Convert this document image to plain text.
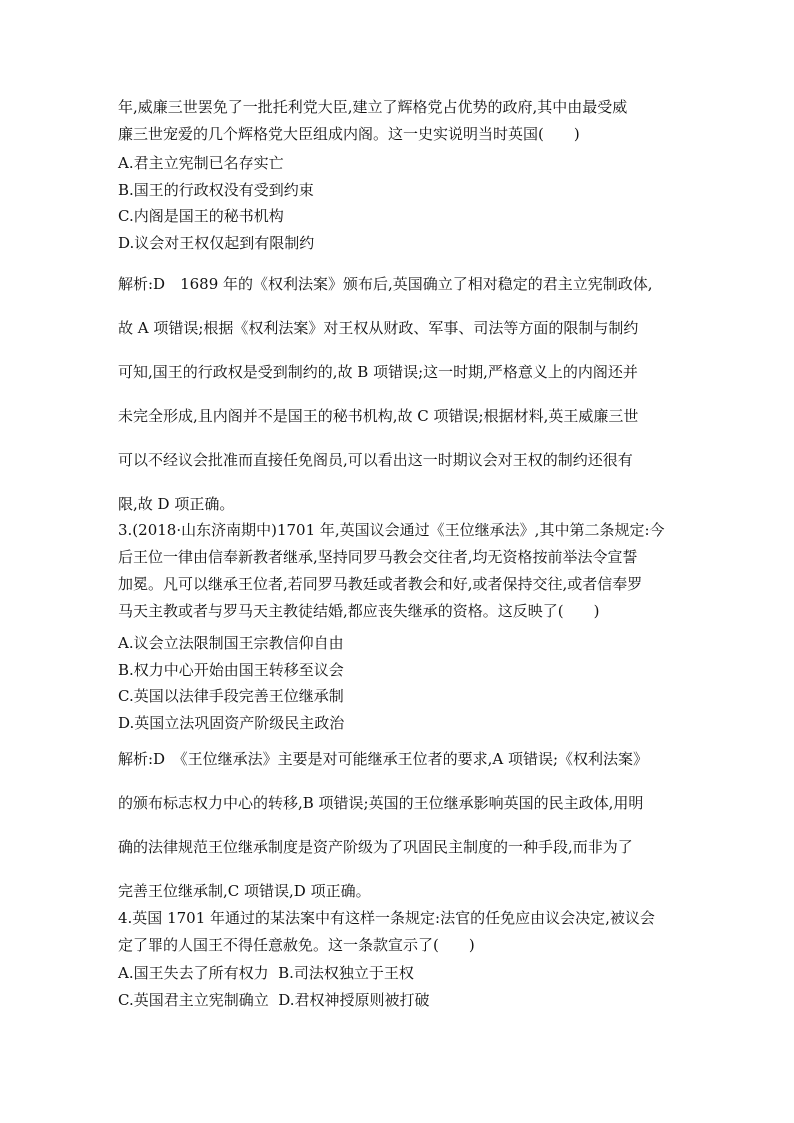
年,威廉三世罢免了一批托利党大臣,建立了辉格党占优势的政府,其中由最受威

廉三世宠爱的几个辉格党大臣组成内阁。这一史实说明当时英国(　　)

A.君主立宪制已名存实亡

B.国王的行政权没有受到约束

C.内阁是国王的秘书机构

D.议会对王权仅起到有限制约

解析:D　1689 年的《权利法案》颁布后,英国确立了相对稳定的君主立宪制政体,

故 A 项错误;根据《权利法案》对王权从财政、军事、司法等方面的限制与制约

可知,国王的行政权是受到制约的,故 B 项错误;这一时期,严格意义上的内阁还并

未完全形成,且内阁并不是国王的秘书机构,故 C 项错误;根据材料,英王威廉三世

可以不经议会批准而直接任免阁员,可以看出这一时期议会对王权的制约还很有

限,故 D 项正确。

3.(2018·山东济南期中)1701 年,英国议会通过《王位继承法》,其中第二条规定:今

后王位一律由信奉新教者继承,坚持同罗马教会交往者,均无资格按前举法令宣誓

加冕。凡可以继承王位者,若同罗马教廷或者教会和好,或者保持交往,或者信奉罗

马天主教或者与罗马天主教徒结婚,都应丧失继承的资格。这反映了(　　)

A.议会立法限制国王宗教信仰自由

B.权力中心开始由国王转移至议会

C.英国以法律手段完善王位继承制

D.英国立法巩固资产阶级民主政治

解析:D　《王位继承法》主要是对可能继承王位者的要求,A 项错误;《权利法案》

的颁布标志权力中心的转移,B 项错误;英国的王位继承影响英国的民主政体,用明

确的法律规范王位继承制度是资产阶级为了巩固民主制度的一种手段,而非为了

完善王位继承制,C 项错误,D 项正确。

4.英国 1701 年通过的某法案中有这样一条规定:法官的任免应由议会决定,被议会

定了罪的人国王不得任意赦免。这一条款宣示了(　　)

A.国王失去了所有权力  B.司法权独立于王权

C.英国君主立宪制确立  D.君权神授原则被打破
